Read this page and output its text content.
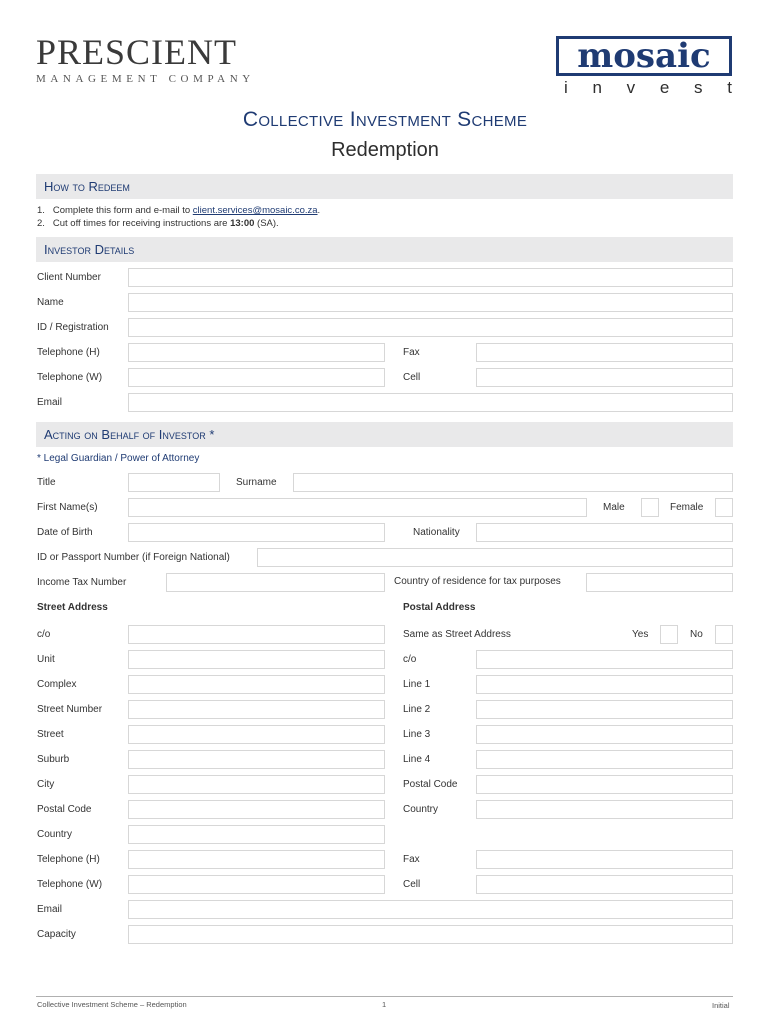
PRESCIENT
MANAGEMENT COMPANY
mosaic
i n v e s t
Collective Investment Scheme
Redemption
How to Redeem
1. Complete this form and e-mail to client.services@mosaic.co.za.
2. Cut off times for receiving instructions are 13:00 (SA).
Investor Details
Client Number
Name
ID / Registration
Telephone (H)	Fax
Telephone (W)	Cell
Email
Acting on Behalf of Investor *
* Legal Guardian / Power of Attorney
Title	Surname
First Name(s)	Male	Female
Date of Birth	Nationality
ID or Passport Number (if Foreign National)
Income Tax Number	Country of residence for tax purposes
Street Address	Postal Address
c/o	Same as Street Address	Yes	No
Unit	c/o
Complex	Line 1
Street Number	Line 2
Street	Line 3
Suburb	Line 4
City	Postal Code
Postal Code	Country
Country
Telephone (H)	Fax
Telephone (W)	Cell
Email
Capacity
Collective Investment Scheme – Redemption	1	Initial
